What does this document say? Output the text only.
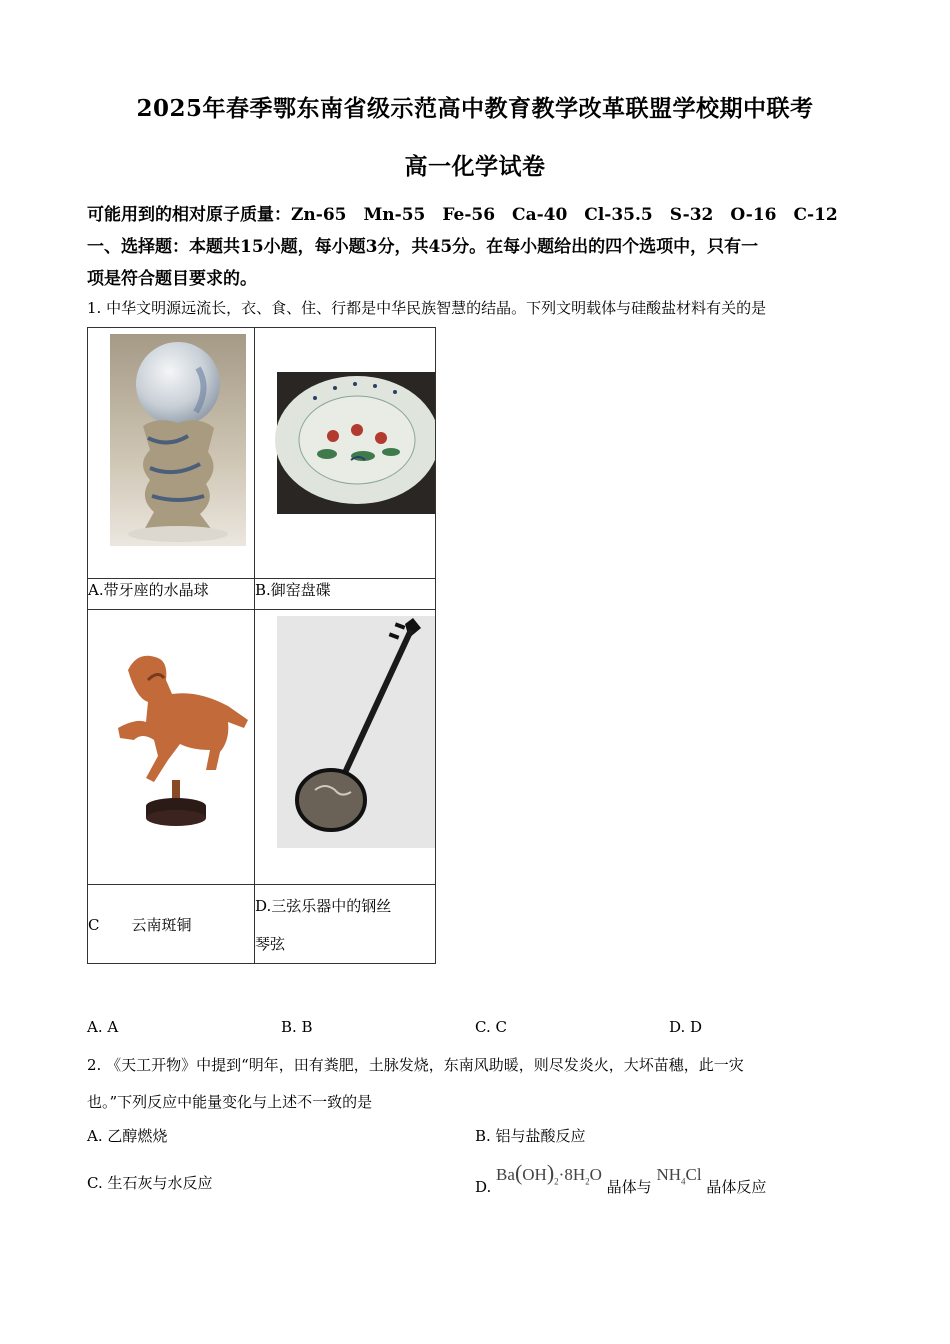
2025年春季鄂东南省级示范高中教育教学改革联盟学校期中联考
高一化学试卷
可能用到的相对原子质量：Zn-65　Mn-55　Fe-56　Ca-40　Cl-35.5　S-32　O-16　C-12
一、选择题：本题共15小题，每小题3分，共45分。在每小题给出的四个选项中，只有一
项是符合题目要求的。
1. 中华文明源远流长，衣、食、住、行都是中华民族智慧的结晶。下列文明载体与硅酸盐材料有关的是

A.带牙座的水晶球	B.御窑盘碟

C 云南斑铜	D.三弦乐器中的钢丝
琴弦
A. A	B. B	C. C	D. D
2. 《天工开物》中提到“明年，田有粪肥，土脉发烧，东南风助暖，则尽发炎火，大坏苗穗，此一灾
也。”下列反应中能量变化与上述不一致的是
A. 乙醇燃烧	B. 铝与盐酸反应
C. 生石灰与水反应	D. $Ba(OH)_2\cdot 8H_2O$ 晶体与 $NH_4Cl$ 晶体反应
